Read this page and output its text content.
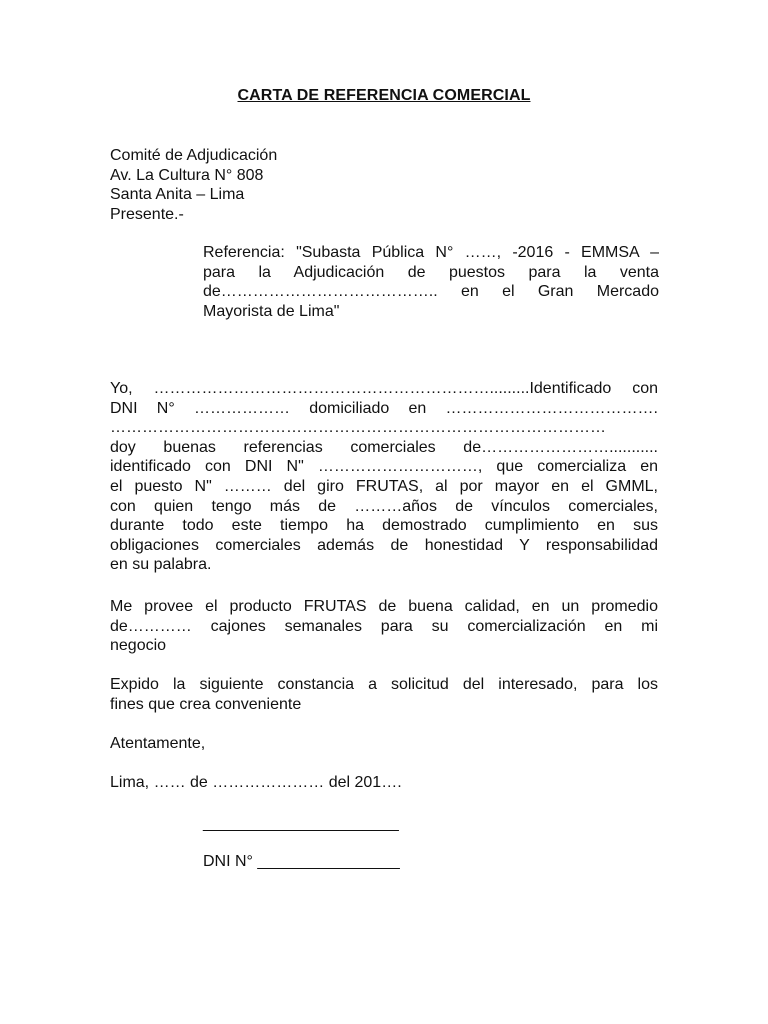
CARTA DE REFERENCIA COMERCIAL
Comité de Adjudicación
Av. La Cultura N° 808
Santa Anita – Lima
Presente.-
Referencia: "Subasta Pública N° ……, -2016 - EMMSA –
para la Adjudicación de puestos para la venta
de………………………………….. en el Gran Mercado
Mayorista de Lima"
Yo, ……………………………………………………….........Identificado con
DNI N° ……………… domiciliado en ………………………………….
…………………………………………………………………………………
doy buenas referencias comerciales de……………………...........
identificado con DNI N" …………………………, que comercializa en
el puesto N" ……… del giro FRUTAS, al por mayor en el GMML,
con quien tengo más de ………años de vínculos comerciales,
durante todo este tiempo ha demostrado cumplimiento en sus
obligaciones comerciales además de honestidad Y responsabilidad
en su palabra.
Me provee el producto FRUTAS de buena calidad, en un promedio
de………… cajones semanales para su comercialización en mi
negocio
Expido la siguiente constancia a solicitud del interesado, para los
fines que crea conveniente
Atentamente,
Lima, …… de ………………… del 201….
______________________
DNI N° ________________
